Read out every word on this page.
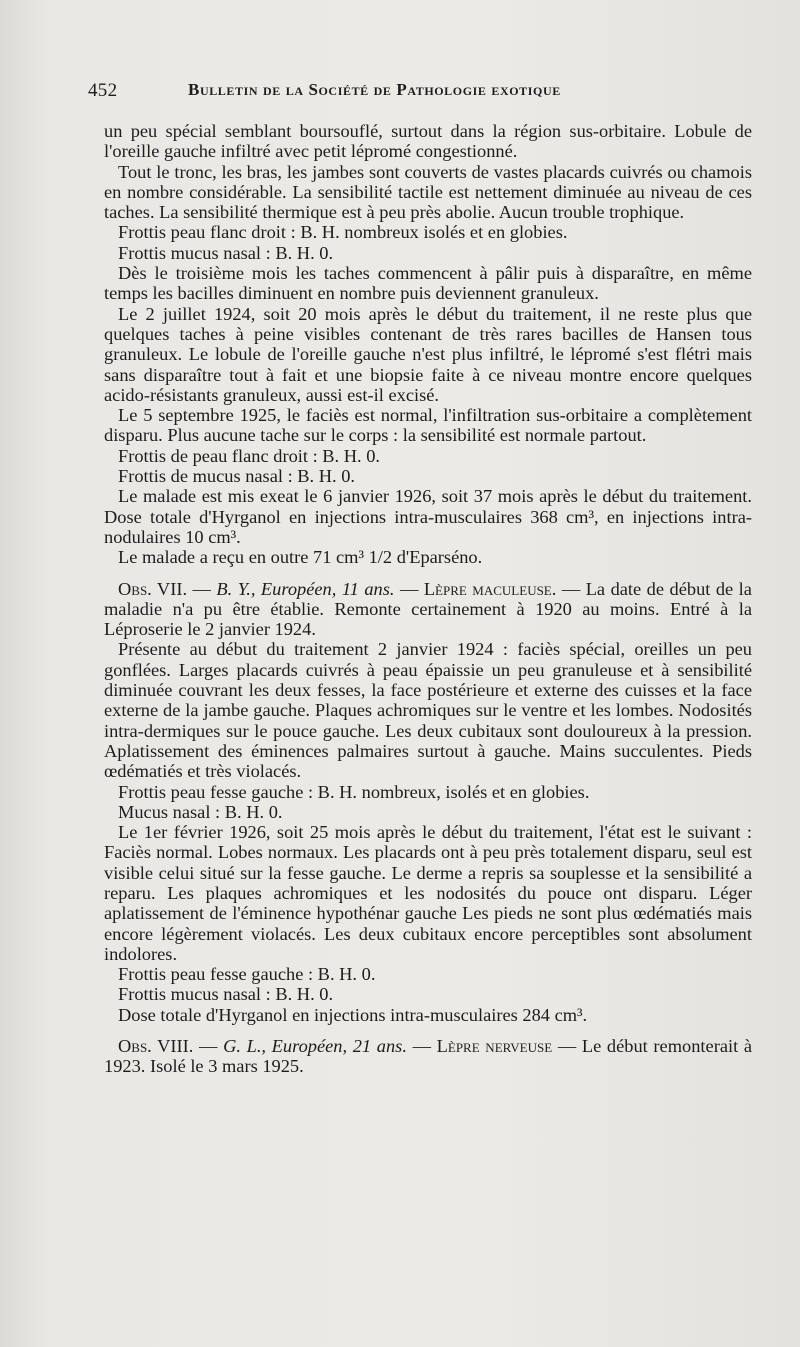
452	Bulletin de la Société de Pathologie exotique

un peu spécial semblant boursouflé, surtout dans la région sus-orbitaire. Lobule de l'oreille gauche infiltré avec petit lépromé congestionné.

Tout le tronc, les bras, les jambes sont couverts de vastes placards cuivrés ou chamois en nombre considérable. La sensibilité tactile est nettement diminuée au niveau de ces taches. La sensibilité thermique est à peu près abolie. Aucun trouble trophique.

Frottis peau flanc droit : B. H. nombreux isolés et en globies.

Frottis mucus nasal : B. H. 0.

Dès le troisième mois les taches commencent à pâlir puis à disparaître, en même temps les bacilles diminuent en nombre puis deviennent granuleux.

Le 2 juillet 1924, soit 20 mois après le début du traitement, il ne reste plus que quelques taches à peine visibles contenant de très rares bacilles de Hansen tous granuleux. Le lobule de l'oreille gauche n'est plus infiltré, le lépromé s'est flétri mais sans disparaître tout à fait et une biopsie faite à ce niveau montre encore quelques acido-résistants granuleux, aussi est-il excisé.

Le 5 septembre 1925, le faciès est normal, l'infiltration sus-orbitaire a complètement disparu. Plus aucune tache sur le corps : la sensibilité est normale partout.

Frottis de peau flanc droit : B. H. 0.

Frottis de mucus nasal : B. H. 0.

Le malade est mis exeat le 6 janvier 1926, soit 37 mois après le début du traitement. Dose totale d'Hyrganol en injections intra-musculaires 368 cm³, en injections intra-nodulaires 10 cm³.

Le malade a reçu en outre 71 cm³ 1/2 d'Eparséno.

Obs. VII. — B. Y., Européen, 11 ans. — Lèpre maculeuse. — La date de début de la maladie n'a pu être établie. Remonte certainement à 1920 au moins. Entré à la Léproserie le 2 janvier 1924.

Présente au début du traitement 2 janvier 1924 : faciès spécial, oreilles un peu gonflées. Larges placards cuivrés à peau épaissie un peu granuleuse et à sensibilité diminuée couvrant les deux fesses, la face postérieure et externe des cuisses et la face externe de la jambe gauche. Plaques achromiques sur le ventre et les lombes. Nodosités intra-dermiques sur le pouce gauche. Les deux cubitaux sont douloureux à la pression. Aplatissement des éminences palmaires surtout à gauche. Mains succulentes. Pieds œdématiés et très violacés.

Frottis peau fesse gauche : B. H. nombreux, isolés et en globies.

Mucus nasal : B. H. 0.

Le 1er février 1926, soit 25 mois après le début du traitement, l'état est le suivant : Faciès normal. Lobes normaux. Les placards ont à peu près totalement disparu, seul est visible celui situé sur la fesse gauche. Le derme a repris sa souplesse et la sensibilité a reparu. Les plaques achromiques et les nodosités du pouce ont disparu. Léger aplatissement de l'éminence hypothénar gauche Les pieds ne sont plus œdématiés mais encore légèrement violacés. Les deux cubitaux encore perceptibles sont absolument indolores.

Frottis peau fesse gauche : B. H. 0.

Frottis mucus nasal : B. H. 0.

Dose totale d'Hyrganol en injections intra-musculaires 284 cm³.

Obs. VIII. — G. L., Européen, 21 ans. — Lèpre nerveuse — Le début remonterait à 1923. Isolé le 3 mars 1925.
